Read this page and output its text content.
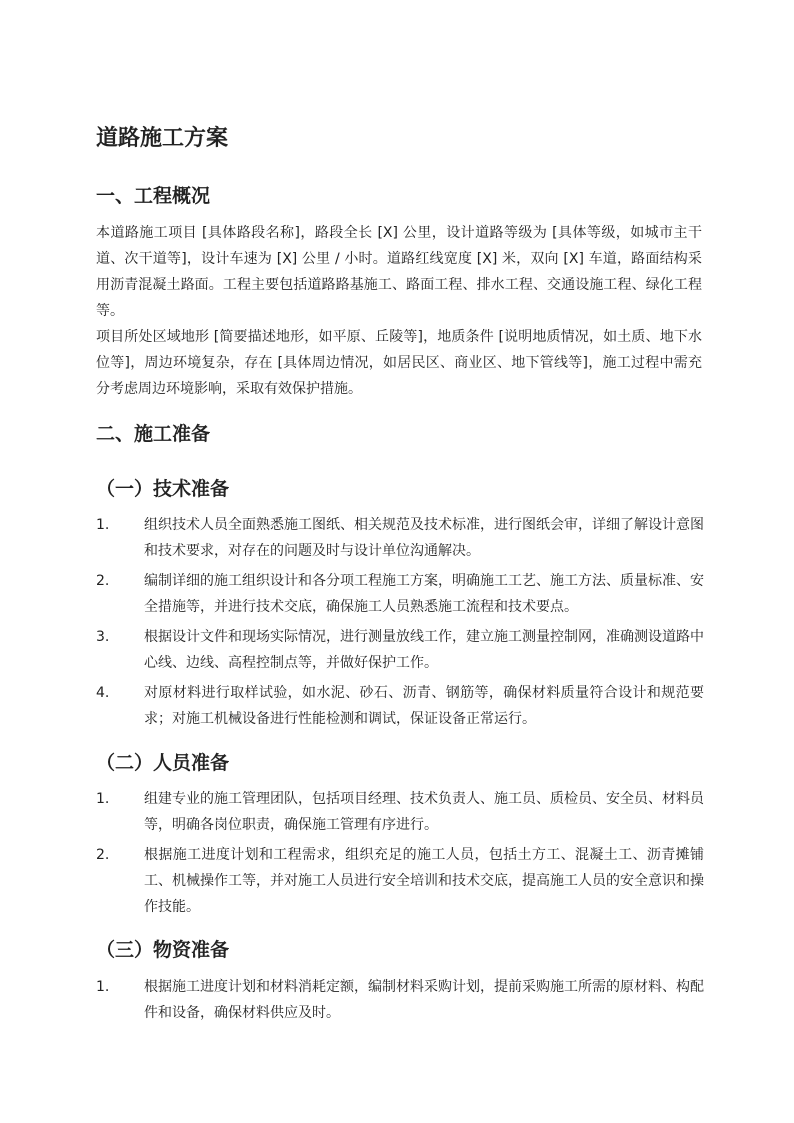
道路施工方案
一、工程概况

本道路施工项目 [具体路段名称]，路段全长 [X] 公里，设计道路等级为 [具体等级，如城市主干道、次干道等]，设计车速为 [X] 公里 / 小时。道路红线宽度 [X] 米，双向 [X] 车道，路面结构采用沥青混凝土路面。工程主要包括道路路基施工、路面工程、排水工程、交通设施工程、绿化工程等。

项目所处区域地形 [简要描述地形，如平原、丘陵等]，地质条件 [说明地质情况，如土质、地下水位等]，周边环境复杂，存在 [具体周边情况，如居民区、商业区、地下管线等]，施工过程中需充分考虑周边环境影响，采取有效保护措施。

二、施工准备
（一）技术准备
1.	组织技术人员全面熟悉施工图纸、相关规范及技术标准，进行图纸会审，详细了解设计意图和技术要求，对存在的问题及时与设计单位沟通解决。
2.	编制详细的施工组织设计和各分项工程施工方案，明确施工工艺、施工方法、质量标准、安全措施等，并进行技术交底，确保施工人员熟悉施工流程和技术要点。
3.	根据设计文件和现场实际情况，进行测量放线工作，建立施工测量控制网，准确测设道路中心线、边线、高程控制点等，并做好保护工作。
4.	对原材料进行取样试验，如水泥、砂石、沥青、钢筋等，确保材料质量符合设计和规范要求；对施工机械设备进行性能检测和调试，保证设备正常运行。
（二）人员准备
1.	组建专业的施工管理团队，包括项目经理、技术负责人、施工员、质检员、安全员、材料员等，明确各岗位职责，确保施工管理有序进行。
2.	根据施工进度计划和工程需求，组织充足的施工人员，包括土方工、混凝土工、沥青摊铺工、机械操作工等，并对施工人员进行安全培训和技术交底，提高施工人员的安全意识和操作技能。
（三）物资准备
1.	根据施工进度计划和材料消耗定额，编制材料采购计划，提前采购施工所需的原材料、构配件和设备，确保材料供应及时。
